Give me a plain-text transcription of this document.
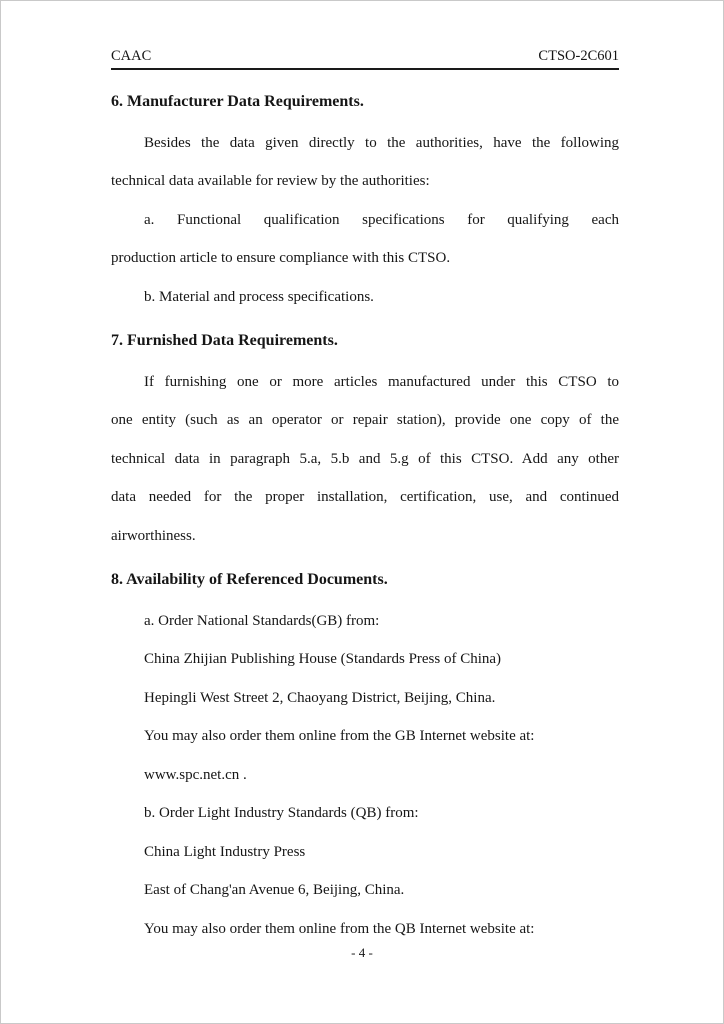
CAAC	CTSO-2C601
6. Manufacturer Data Requirements.
Besides the data given directly to the authorities, have the following
technical data available for review by the authorities:
a. Functional qualification specifications for qualifying each
production article to ensure compliance with this CTSO.
b. Material and process specifications.
7. Furnished Data Requirements.
If furnishing one or more articles manufactured under this CTSO to
one entity (such as an operator or repair station), provide one copy of the
technical data in paragraph 5.a, 5.b and 5.g of this CTSO. Add any other
data needed for the proper installation, certification, use, and continued
airworthiness.
8. Availability of Referenced Documents.
a. Order National Standards(GB) from:
China Zhijian Publishing House (Standards Press of China)
Hepingli West Street 2, Chaoyang District, Beijing, China.
You may also order them online from the GB Internet website at:
www.spc.net.cn .
b. Order Light Industry Standards (QB) from:
China Light Industry Press
East of Chang'an Avenue 6, Beijing, China.
You may also order them online from the QB Internet website at:
- 4 -
